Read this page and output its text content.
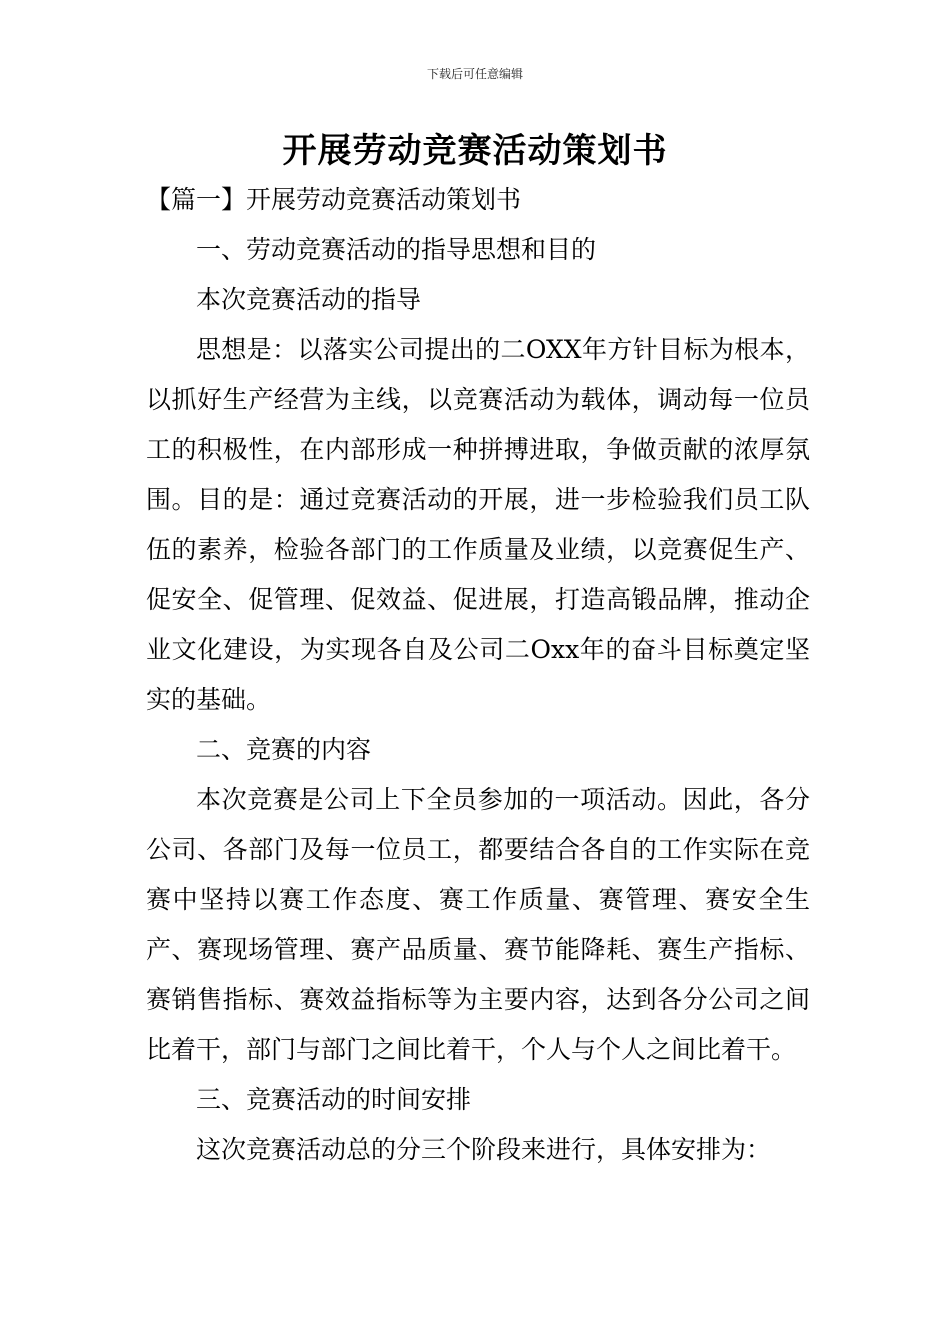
下载后可任意编辑
开展劳动竞赛活动策划书

【篇一】开展劳动竞赛活动策划书

一、劳动竞赛活动的指导思想和目的

本次竞赛活动的指导

思想是：以落实公司提出的二OXX年方针目标为根本，以抓好生产经营为主线，以竞赛活动为载体，调动每一位员工的积极性，在内部形成一种拼搏进取，争做贡献的浓厚氛围。目的是：通过竞赛活动的开展，进一步检验我们员工队伍的素养，检验各部门的工作质量及业绩，以竞赛促生产、促安全、促管理、促效益、促进展，打造高锻品牌，推动企业文化建设，为实现各自及公司二Oxx年的奋斗目标奠定坚实的基础。

二、竞赛的内容

本次竞赛是公司上下全员参加的一项活动。因此，各分公司、各部门及每一位员工，都要结合各自的工作实际在竞赛中坚持以赛工作态度、赛工作质量、赛管理、赛安全生产、赛现场管理、赛产品质量、赛节能降耗、赛生产指标、赛销售指标、赛效益指标等为主要内容，达到各分公司之间比着干，部门与部门之间比着干，个人与个人之间比着干。

三、竞赛活动的时间安排

这次竞赛活动总的分三个阶段来进行，具体安排为：
